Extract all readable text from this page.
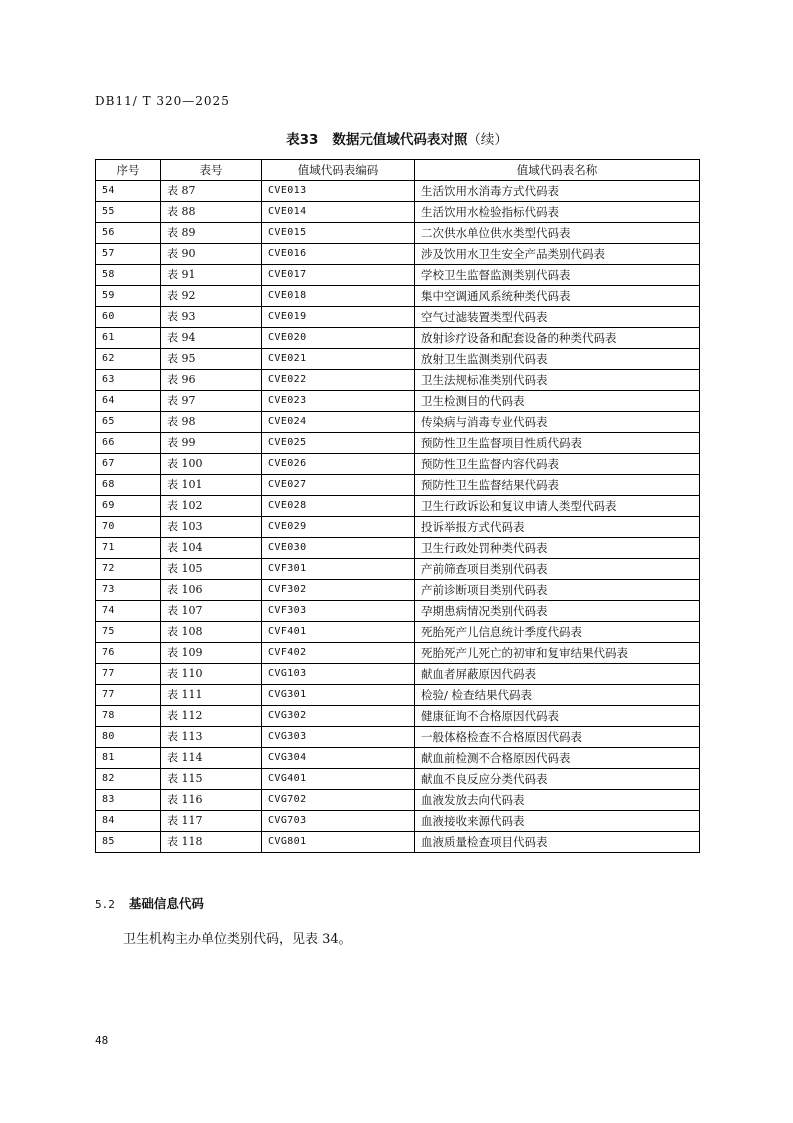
DB11/ T 320—2025
表33 数据元值域代码表对照（续）
序号	表号	值域代码表编码	值域代码表名称
54	表 87	CVE013	生活饮用水消毒方式代码表
55	表 88	CVE014	生活饮用水检验指标代码表
56	表 89	CVE015	二次供水单位供水类型代码表
57	表 90	CVE016	涉及饮用水卫生安全产品类别代码表
58	表 91	CVE017	学校卫生监督监测类别代码表
59	表 92	CVE018	集中空调通风系统种类代码表
60	表 93	CVE019	空气过滤装置类型代码表
61	表 94	CVE020	放射诊疗设备和配套设备的种类代码表
62	表 95	CVE021	放射卫生监测类别代码表
63	表 96	CVE022	卫生法规标准类别代码表
64	表 97	CVE023	卫生检测目的代码表
65	表 98	CVE024	传染病与消毒专业代码表
66	表 99	CVE025	预防性卫生监督项目性质代码表
67	表 100	CVE026	预防性卫生监督内容代码表
68	表 101	CVE027	预防性卫生监督结果代码表
69	表 102	CVE028	卫生行政诉讼和复议申请人类型代码表
70	表 103	CVE029	投诉举报方式代码表
71	表 104	CVE030	卫生行政处罚种类代码表
72	表 105	CVF301	产前筛查项目类别代码表
73	表 106	CVF302	产前诊断项目类别代码表
74	表 107	CVF303	孕期患病情况类别代码表
75	表 108	CVF401	死胎死产儿信息统计季度代码表
76	表 109	CVF402	死胎死产儿死亡的初审和复审结果代码表
77	表 110	CVG103	献血者屏蔽原因代码表
77	表 111	CVG301	检验/ 检查结果代码表
78	表 112	CVG302	健康征询不合格原因代码表
80	表 113	CVG303	一般体格检查不合格原因代码表
81	表 114	CVG304	献血前检测不合格原因代码表
82	表 115	CVG401	献血不良反应分类代码表
83	表 116	CVG702	血液发放去向代码表
84	表 117	CVG703	血液接收来源代码表
85	表 118	CVG801	血液质量检查项目代码表
5.2 基础信息代码
卫生机构主办单位类别代码，见表 34。
48
